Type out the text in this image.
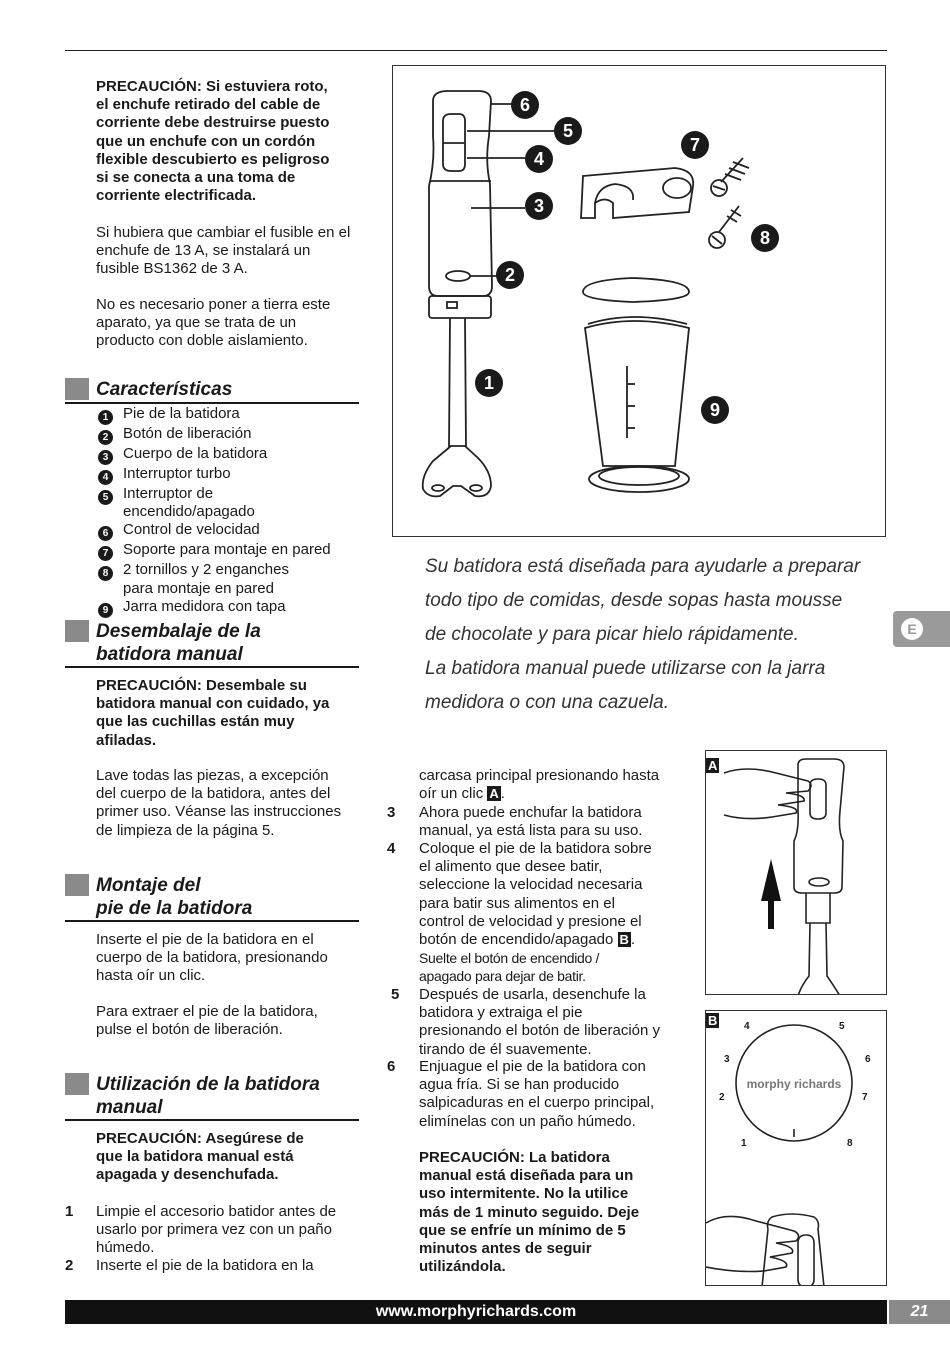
PRECAUCIÓN: Si estuviera roto,
el enchufe retirado del cable de
corriente debe destruirse puesto
que un enchufe con un cordón
flexible descubierto es peligroso
si se conecta a una toma de
corriente electrificada.
Si hubiera que cambiar el fusible en el
enchufe de 13 A, se instalará un
fusible BS1362 de 3 A.
No es necesario poner a tierra este
aparato, ya que se trata de un
producto con doble aislamiento.
Características
1 Pie de la batidora
2 Botón de liberación
3 Cuerpo de la batidora
4 Interruptor turbo
5 Interruptor de
encendido/apagado
6 Control de velocidad
7 Soporte para montaje en pared
8 2 tornillos y 2 enganches
para montaje en pared
9 Jarra medidora con tapa
Desembalaje de la
batidora manual
PRECAUCIÓN: Desembale su
batidora manual con cuidado, ya
que las cuchillas están muy
afiladas.
Lave todas las piezas, a excepción
del cuerpo de la batidora, antes del
primer uso. Véanse las instrucciones
de limpieza de la página 5.
Montaje del
pie de la batidora
Inserte el pie de la batidora en el
cuerpo de la batidora, presionando
hasta oír un clic.
Para extraer el pie de la batidora,
pulse el botón de liberación.
Utilización de la batidora
manual
PRECAUCIÓN: Asegúrese de
que la batidora manual está
apagada y desenchufada.
1 Limpie el accesorio batidor antes de
usarlo por primera vez con un paño
húmedo.
2 Inserte el pie de la batidora en la
carcasa principal presionando hasta
oír un clic A .
3 Ahora puede enchufar la batidora
manual, ya está lista para su uso.
4 Coloque el pie de la batidora sobre
el alimento que desee batir,
seleccione la velocidad necesaria
para batir sus alimentos en el
control de velocidad y presione el
botón de encendido/apagado B .
Suelte el botón de encendido /
apagado para dejar de batir.
5 Después de usarla, desenchufe la
batidora y extraiga el pie
presionando el botón de liberación y
tirando de él suavemente.
6 Enjuague el pie de la batidora con
agua fría. Si se han producido
salpicaduras en el cuerpo principal,
elimínelas con un paño húmedo.
PRECAUCIÓN: La batidora
manual está diseñada para un
uso intermitente. No la utilice
más de 1 minuto seguido. Deje
que se enfríe un mínimo de 5
minutos antes de seguir
utilizándola.
6
5
4
3
2
1
7
8
9
Su batidora está diseñada para ayudarle a preparar
todo tipo de comidas, desde sopas hasta mousse
de chocolate y para picar hielo rápidamente.
La batidora manual puede utilizarse con la jarra
medidora o con una cazuela.
E
A
B
morphy richards
4	5
3	6
2	7
1	8
www.morphyrichards.com	21
